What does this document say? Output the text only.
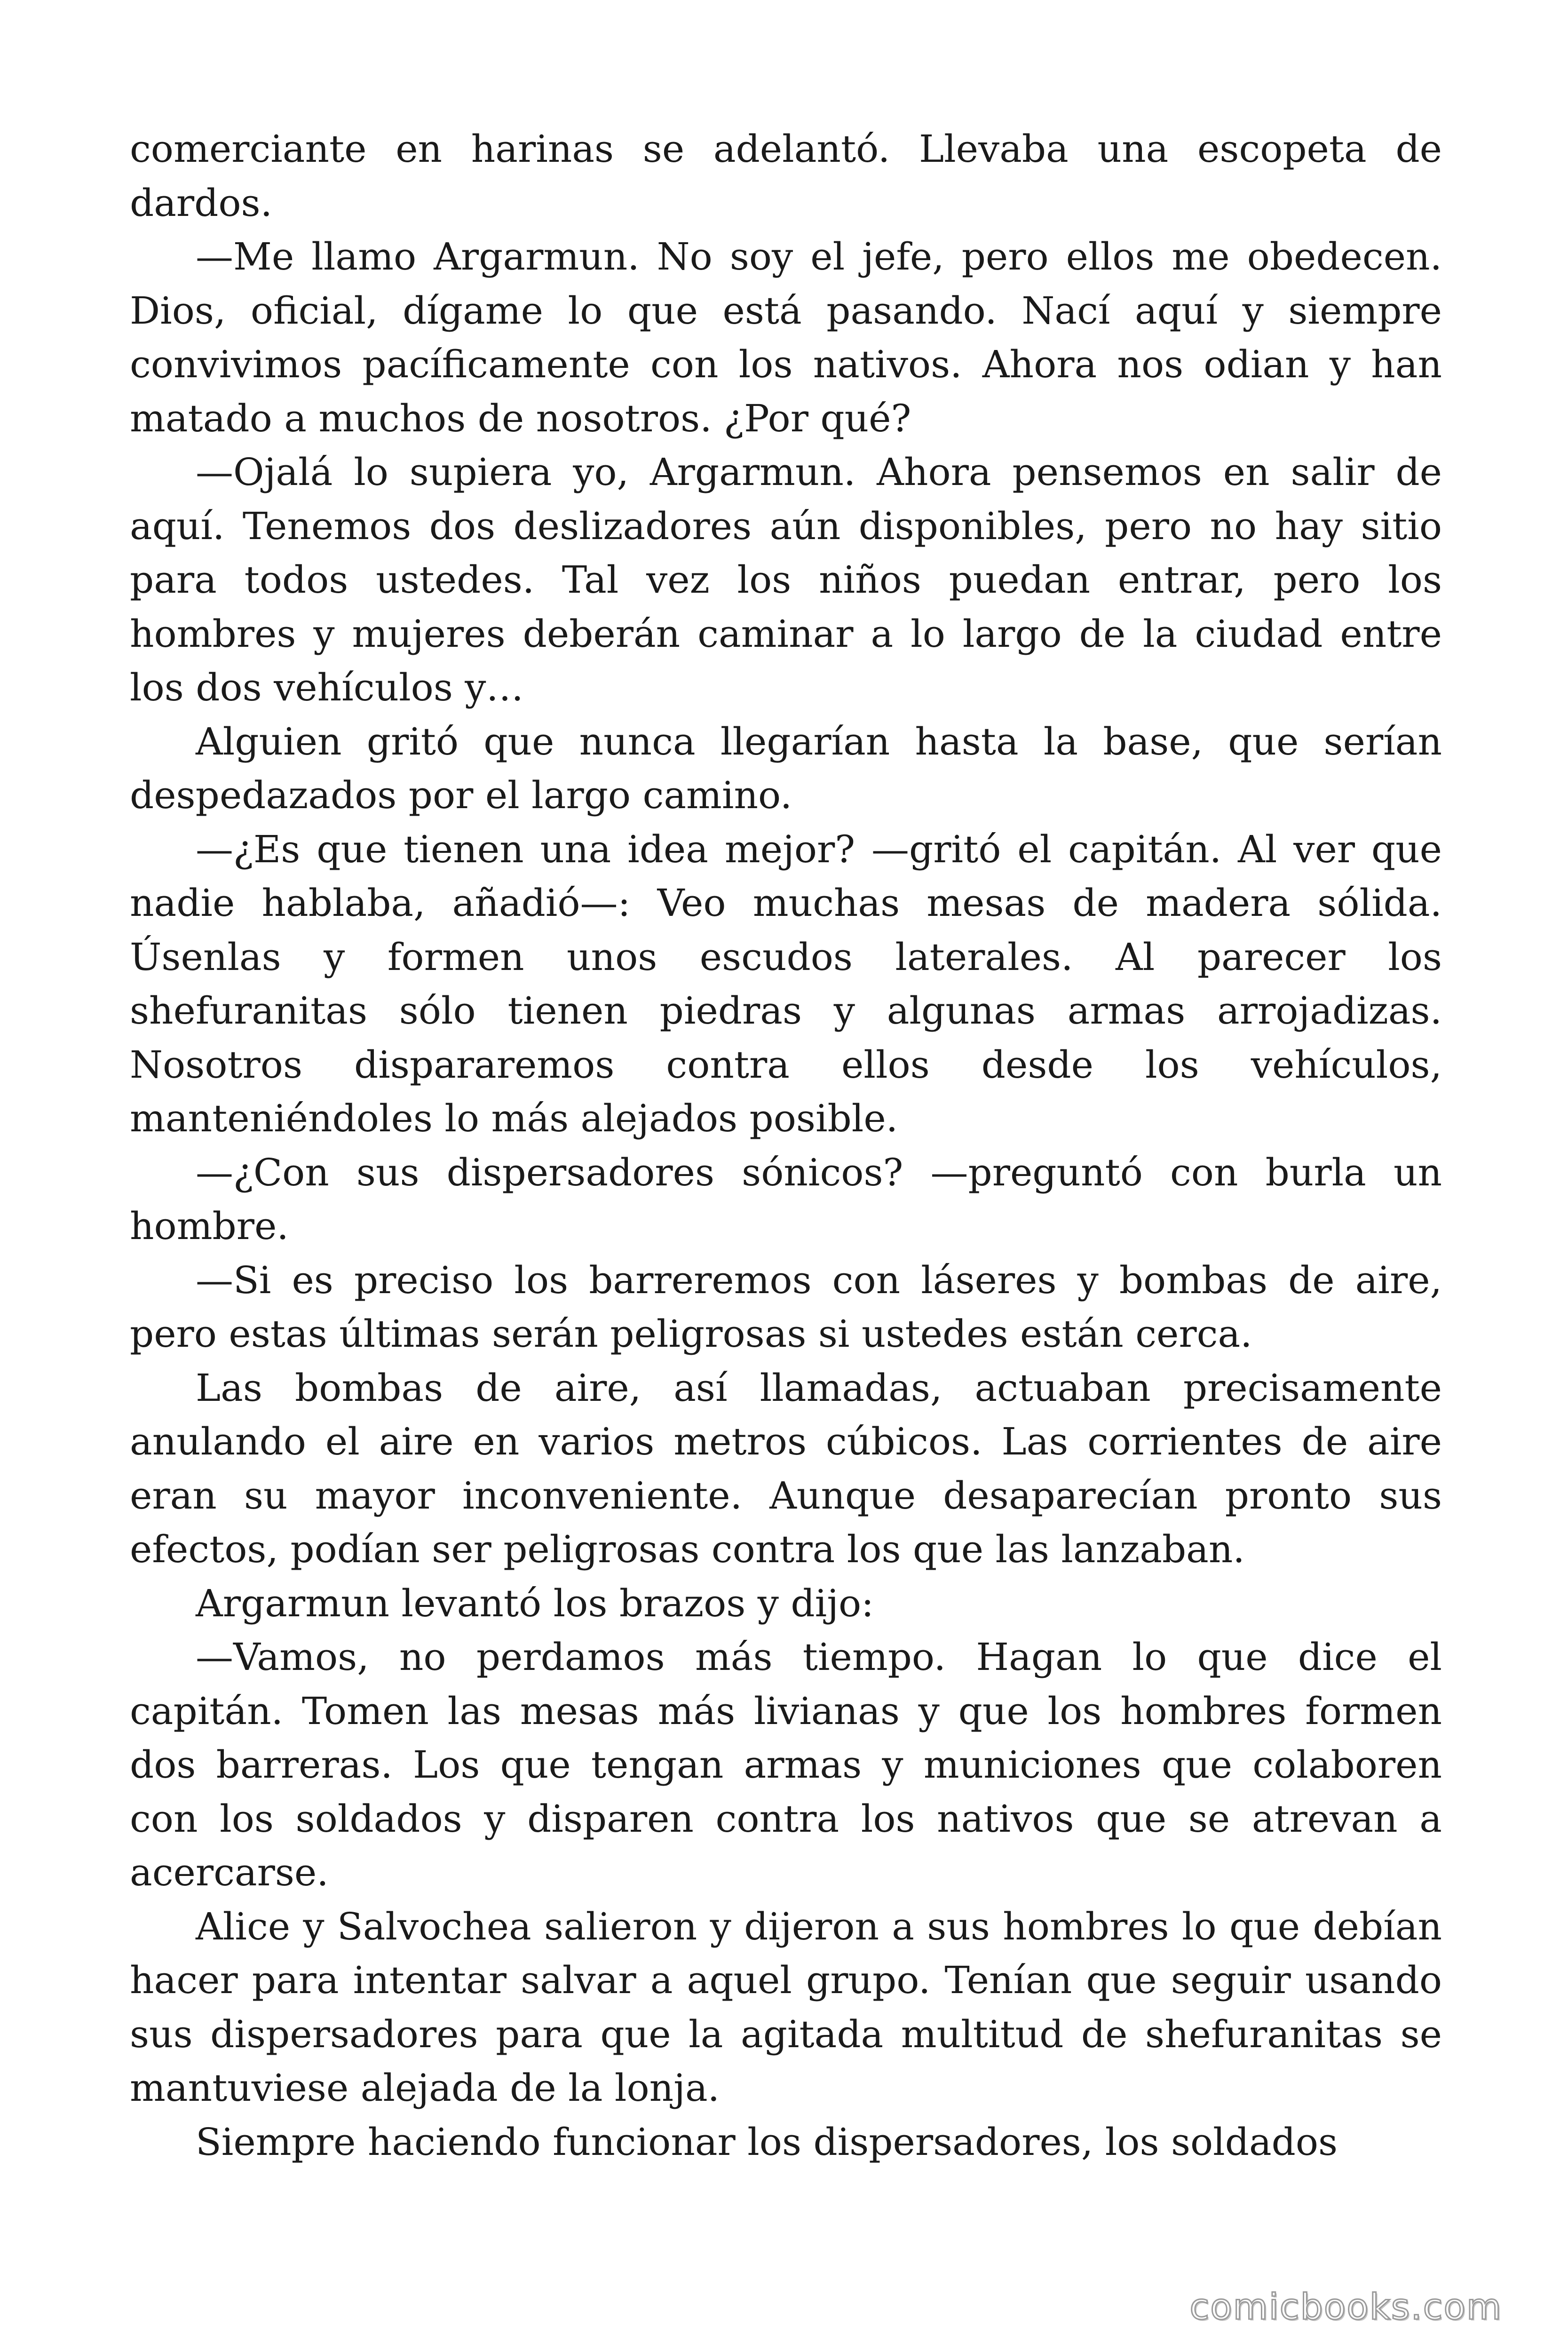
comerciante en harinas se adelantó. Llevaba una escopeta de dardos.

—Me llamo Argarmun. No soy el jefe, pero ellos me obedecen. Dios, oficial, dígame lo que está pasando. Nací aquí y siempre convivimos pacíficamente con los nativos. Ahora nos odian y han matado a muchos de nosotros. ¿Por qué?

—Ojalá lo supiera yo, Argarmun. Ahora pensemos en salir de aquí. Tenemos dos deslizadores aún disponibles, pero no hay sitio para todos ustedes. Tal vez los niños puedan entrar, pero los hombres y mujeres deberán caminar a lo largo de la ciudad entre los dos vehículos y…

Alguien gritó que nunca llegarían hasta la base, que serían despedazados por el largo camino.

—¿Es que tienen una idea mejor? —gritó el capitán. Al ver que nadie hablaba, añadió—: Veo muchas mesas de madera sólida. Úsenlas y formen unos escudos laterales. Al parecer los shefuranitas sólo tienen piedras y algunas armas arrojadizas. Nosotros dispararemos contra ellos desde los vehículos, manteniéndoles lo más alejados posible.

—¿Con sus dispersadores sónicos? —preguntó con burla un hombre.

—Si es preciso los barreremos con láseres y bombas de aire, pero estas últimas serán peligrosas si ustedes están cerca.

Las bombas de aire, así llamadas, actuaban precisamente anulando el aire en varios metros cúbicos. Las corrientes de aire eran su mayor inconveniente. Aunque desaparecían pronto sus efectos, podían ser peligrosas contra los que las lanzaban.

Argarmun levantó los brazos y dijo:

—Vamos, no perdamos más tiempo. Hagan lo que dice el capitán. Tomen las mesas más livianas y que los hombres formen dos barreras. Los que tengan armas y municiones que colaboren con los soldados y disparen contra los nativos que se atrevan a acercarse.

Alice y Salvochea salieron y dijeron a sus hombres lo que debían hacer para intentar salvar a aquel grupo. Tenían que seguir usando sus dispersadores para que la agitada multitud de shefuranitas se mantuviese alejada de la lonja.

Siempre haciendo funcionar los dispersadores, los soldados

comicbooks.com
